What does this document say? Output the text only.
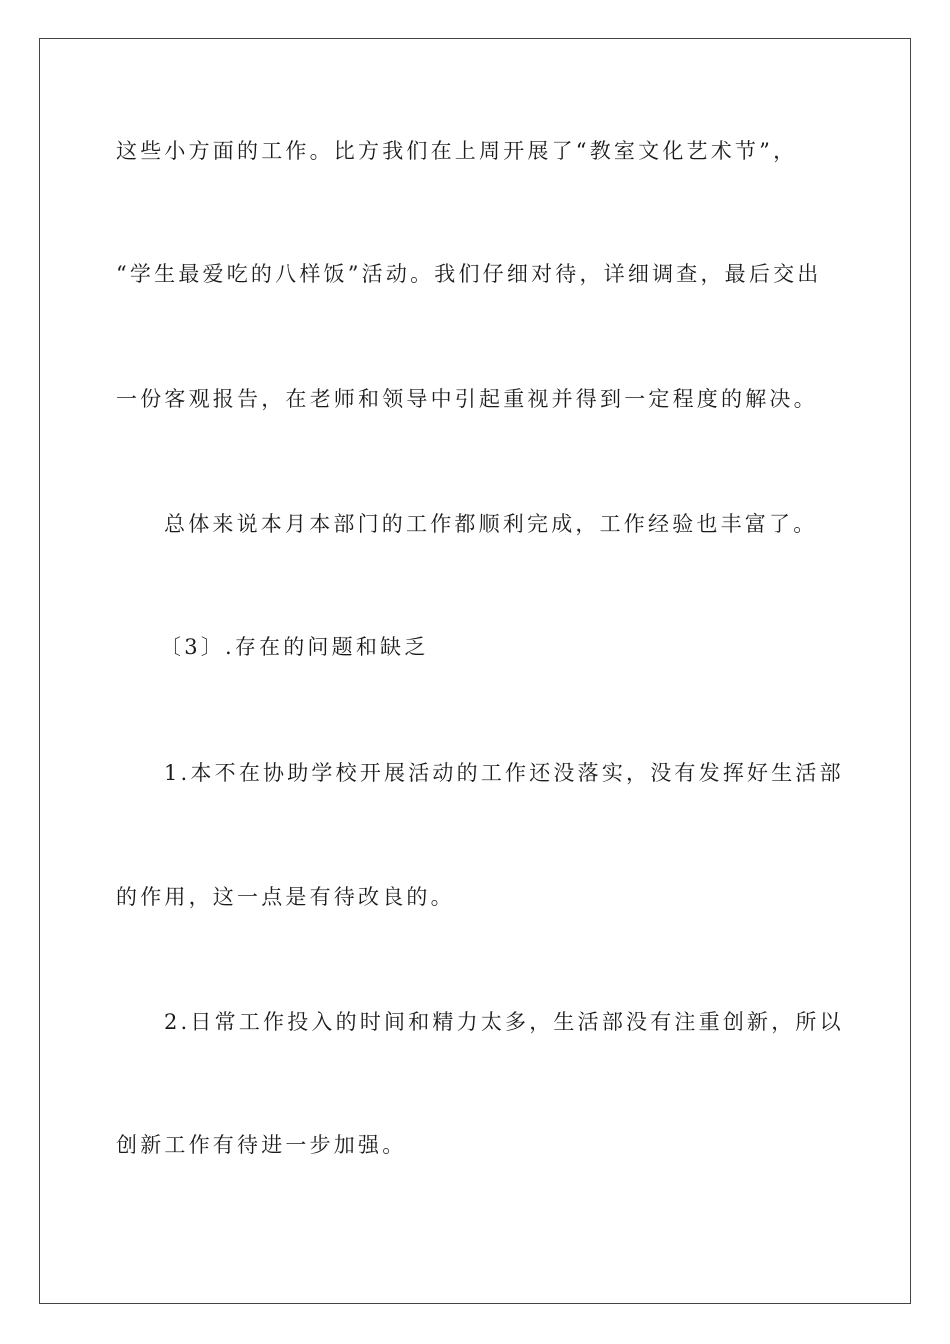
这些小方面的工作。比方我们在上周开展了“教室文化艺术节”，
“学生最爱吃的八样饭”活动。我们仔细对待，详细调查，最后交出
一份客观报告，在老师和领导中引起重视并得到一定程度的解决。
总体来说本月本部门的工作都顺利完成，工作经验也丰富了。
〔3〕.存在的问题和缺乏
1.本不在协助学校开展活动的工作还没落实，没有发挥好生活部
的作用，这一点是有待改良的。
2.日常工作投入的时间和精力太多，生活部没有注重创新，所以
创新工作有待进一步加强。
